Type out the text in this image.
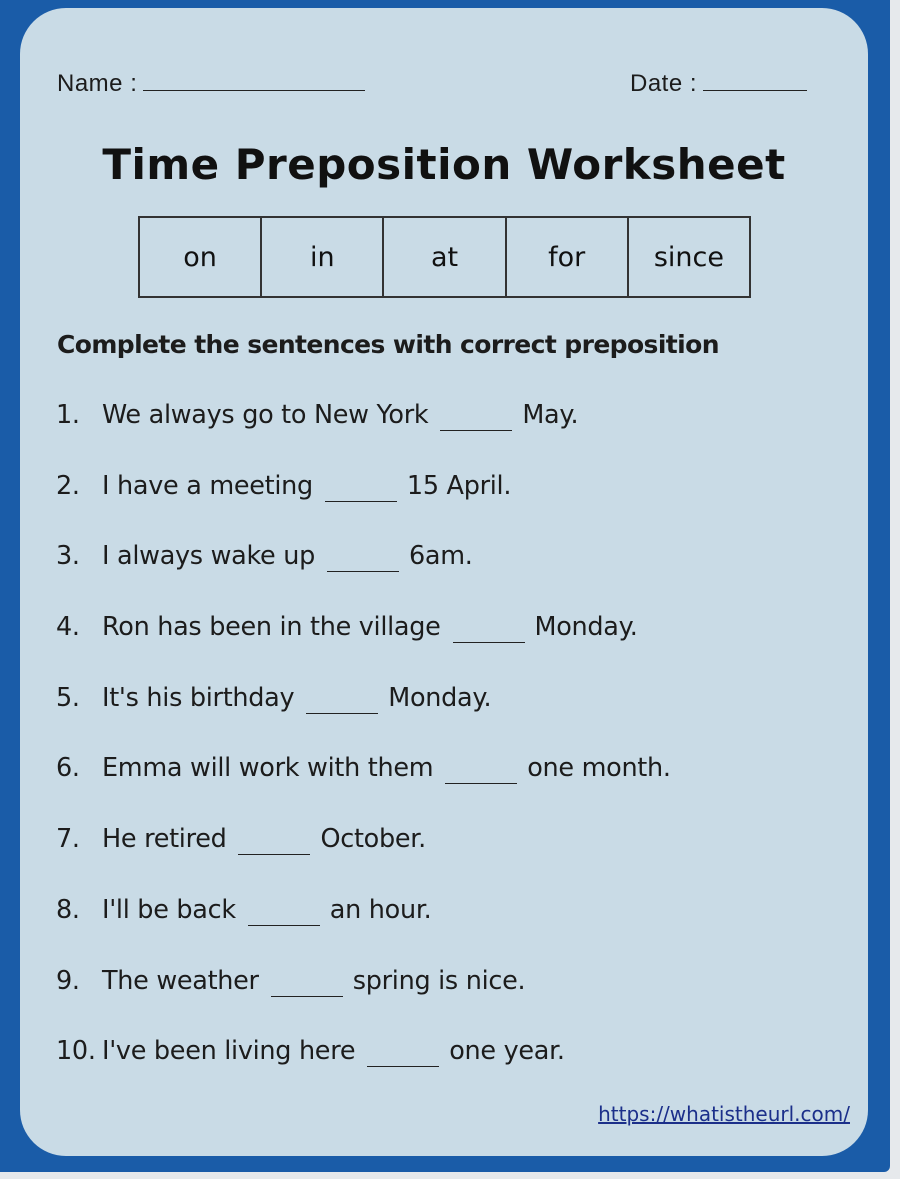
Name :	Date :
Time Preposition Worksheet
on	in	at	for	since
Complete the sentences with correct preposition
1. We always go to New York	May.
2. I have a meeting	15 April.
3. I always wake up	6am.
4. Ron has been in the village	Monday.
5. It's his birthday	Monday.
6. Emma will work with them	one month.
7. He retired	October.
8. I'll be back	an hour.
9. The weather	spring is nice.
10. I've been living here	one year.
https://whatistheurl.com/
